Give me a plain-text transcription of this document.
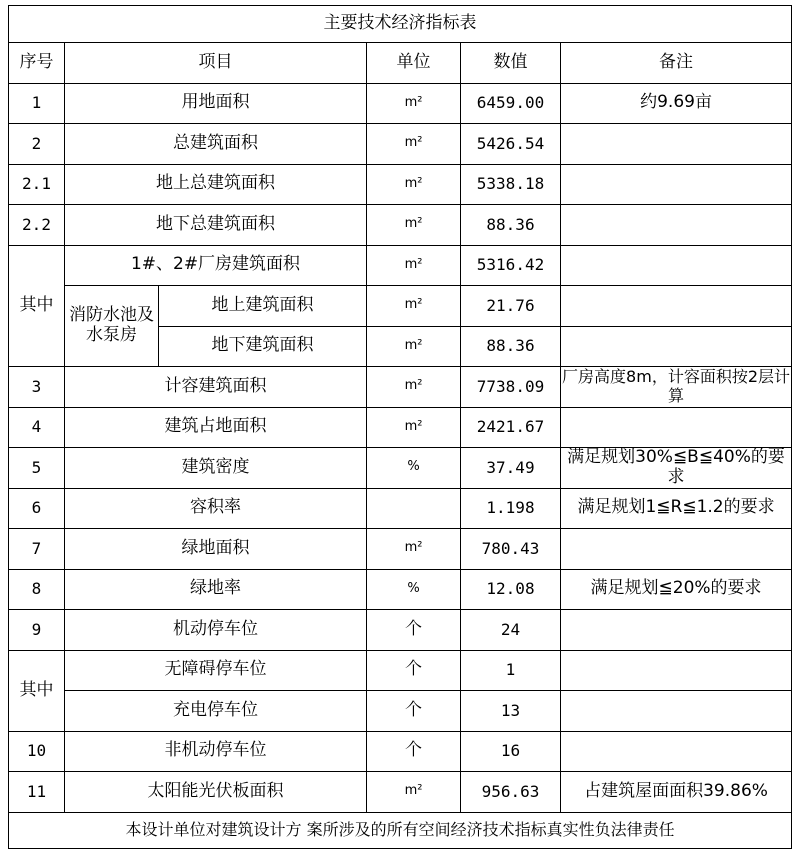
主要技术经济指标表					
序号	项目		单位	数值	备注
1	用地面积		m²	6459.00	约9.69亩
2	总建筑面积		m²	5426.54	
2.1	地上总建筑面积		m²	5338.18	
2.2	地下总建筑面积		m²	88.36	
其中	1#、2#厂房建筑面积		m²	5316.42	
	消防水池及水泵房	地上建筑面积	m²	21.76	
		地下建筑面积	m²	88.36	
3	计容建筑面积		m²	7738.09	厂房高度8m，计容面积按2层计算
4	建筑占地面积		m²	2421.67	
5	建筑密度		%	37.49	满足规划30%≦B≦40%的要求
6	容积率			1.198	满足规划1≦R≦1.2的要求
7	绿地面积		m²	780.43	
8	绿地率		%	12.08	满足规划≦20%的要求
9	机动停车位		个	24	
其中	无障碍停车位		个	1	
	充电停车位		个	13	
10	非机动停车位		个	16	
11	太阳能光伏板面积		m²	956.63	占建筑屋面面积39.86%
本设计单位对建筑设计方 案所涉及的所有空间经济技术指标真实性负法律责任					
